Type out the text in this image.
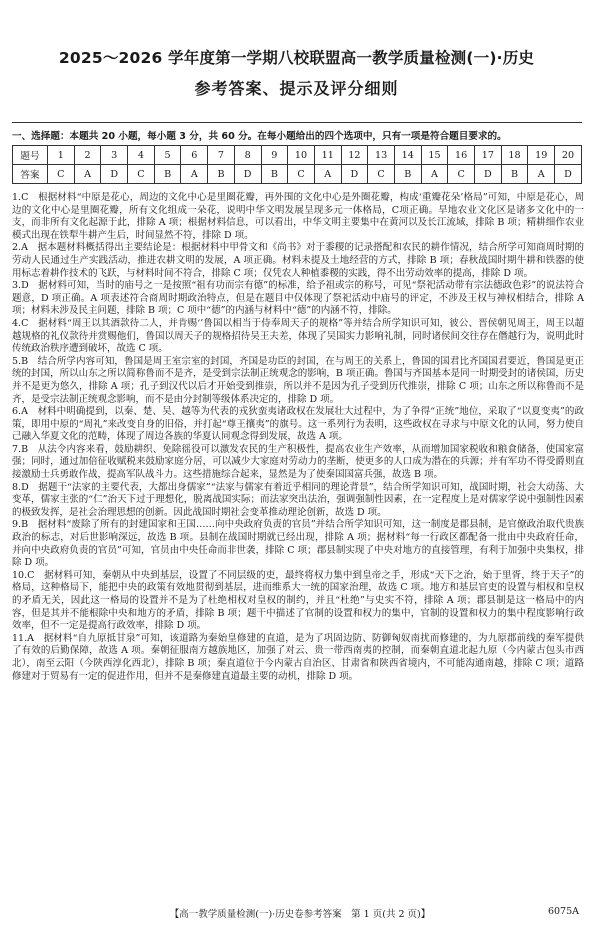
2025～2026 学年度第一学期八校联盟高一教学质量检测(一)·历史
参考答案、提示及评分细则
一、选择题：本题共 20 小题，每小题 3 分，共 60 分。在每小题给出的四个选项中，只有一项是符合题目要求的。
题号	1	2	3	4	5	6	7	8	9	10	11	12	13	14	15	16	17	18	19	20
答案	C	A	D	C	B	A	B	D	B	C	A	D	C	B	A	C	D	B	A	D

1.C　根据材料“中原是花心，周边的文化中心是里圈花瓣，再外围的文化中心是外圈花瓣，构成‘重瓣花朵’格局”可知，中原是花心，周边的文化中心是里圈花瓣，所有文化组成一朵花，说明中华文明发展呈现多元一体格局，C项正确。旱地农业文化区是诸多文化中的一支，而非所有文化起源于此，排除 A 项；根据材料信息，可以看出，中华文明主要集中在黄河以及长江流域，排除 B 项；精耕细作农业模式出现在铁犁牛耕产生后，时间显然不符，排除 D 项。

2.A　据本题材料概括得出主要结论是：根据材料中甲骨文和《尚书》对于黍稷的记录搭配和农民的耕作情况，结合所学可知商周时期的劳动人民通过生产实践活动，推进农耕文明的发展，A 项正确。材料未提及土地经营的方式，排除 B 项；春秋战国时期牛耕和铁器的使用标志着耕作技术的飞跃，与材料时间不符合，排除 C 项；仅凭农人种植黍稷的实践，得不出劳动效率的提高，排除 D 项。

3.D　据材料可知，当时的庙号之一是按照“祖有功而宗有德”的标准，给予祖或宗的称号，可见“祭祀活动带有宗法德政色彩”的说法符合题意，D 项正确。A 项表述符合商周时期政治特点，但是在题目中仅体现了祭祀活动中庙号的评定，不涉及王权与神权相结合，排除 A 项；材料未涉及民主问题，排除 B 项；C 项中“德”的内涵与材料中“德”的内涵不符，排除。

4.C　据材料“周王以其酒款待二人，并肯赐‘’鲁国以相当于侍奉周天子的规格”等并结合所学知识可知，彼公、晋侯朝见周王，周王以超越规格的礼仪款待并赏赐他们，鲁国以周天子的规格招待吴王夫差，体现了吴国实力影响礼制，同时诸侯间交往存在僭越行为，说明此时传统政治秩序遭到破坏，故选 C 项。

5.B　结合所学内容可知，鲁国是周王室宗室的封国，齐国是功臣的封国，在与周王的关系上，鲁国的国君比齐国国君要近，鲁国是更正统的封国，所以山东之所以简称鲁而不是齐，是受到宗法制正统观念的影响，B 项正确。鲁国与齐国基本是同一时期受封的诸侯国，历史并不是更为悠久，排除 A 项；孔子到汉代以后才开始受到推崇，所以并不是因为孔子受到历代推崇，排除 C 项；山东之所以称鲁而不是齐，是受宗法制正统观念影响，而不是由分封制等级体系决定的，排除 D 项。

6.A　材料中明确提到，以秦、楚、吴、越等为代表的戎狄蛮夷诸政权在发展壮大过程中，为了争得“正统”地位，采取了“以夏变夷”的政策，即用中原的“周礼”来改变自身的旧俗，并打起“尊王攘夷”的旗号。这一系列行为表明，这些政权在寻求与中原文化的认同，努力使自己融入华夏文化的范畴，体现了周边各族的华夏认同观念得到发展，故选 A 项。

7.B　从法令内容来看，鼓励耕织、免除徭役可以激发农民的生产积极性，提高农业生产效率，从而增加国家税收和粮食储备，使国家富强；同时，通过加倍征收赋税来鼓励家庭分居，可以减少大家庭对劳动力的垄断，使更多的人口成为潜在的兵源；并有军功不得受爵则直接激励士兵勇敢作战，提高军队战斗力。这些措施综合起来，显然是为了使秦国国富兵强，故选 B 项。

8.D　据题干“法家的主要代表，大都出身儒家”“法家与儒家有着近乎相同的理论背景”，结合所学知识可知，战国时期，社会大动荡、大变革，儒家主张的“仁”治天下过于理想化，脱离战国实际；而法家突出法治，强调强制性因素，在一定程度上是对儒家学说中强制性因素的极致发挥，是社会治理思想的创新。因此战国时期社会变革推动理论创新，故选 D 项。

9.B　据材料“废除了所有的封建国家和王国……向中央政府负责的官员”并结合所学知识可知，这一制度是郡县制，是官僚政治取代贵族政治的标志，对后世影响深远，故选 B 项。县制在战国时期就已经出现，排除 A 项；据材料“每一行政区都配备一批由中央政府任命，并向中央政府负责的官员”可知，官员由中央任命而非世袭，排除 C 项；郡县制实现了中央对地方的直接管理，有利于加强中央集权，排除 D 项。

10.C　据材料可知，秦朝从中央到基层，设置了不同层级的吏，最终将权力集中到皇帝之手，形成“天下之治，始于里胥，终于天子”的格局，这种格局下，能把中央的政策有效地贯彻到基层，进而维系大一统的国家治理，故选 C 项。地方和基层官吏的设置与相权和皇权的矛盾无关，因此这一格局的设置并不是为了杜绝相权对皇权的制约，并且“杜绝”与史实不符，排除 A 项；郡县制是这一格局中的内容，但是其并不能根除中央和地方的矛盾，排除 B 项；题干中描述了官制的设置和权力的集中，官制的设置和权力的集中程度影响行政效率，但不一定是提高行政效率，排除 D 项。

11.A　据材料“自九原抵甘泉”可知，该道路为秦始皇修建的直道，是为了巩固边防、防御匈奴南扰而修建的，为九原郡前线的秦军提供了有效的后勤保障，故选 A 项。秦朝征服南方越族地区，加强了对云、贵一带西南夷的控制，而秦朝直道北起九原（今内蒙古包头市西北），南至云阳（今陕西淳化西北），排除 B 项；秦直道位于今内蒙古自治区、甘肃省和陕西省境内，不可能沟通南越，排除 C 项；道路修建对于贸易有一定的促进作用，但并不是秦修建直道最主要的动机，排除 D 项。

【高一教学质量检测(一)·历史卷参考答案　第 1 页(共 2 页)】	6075A
